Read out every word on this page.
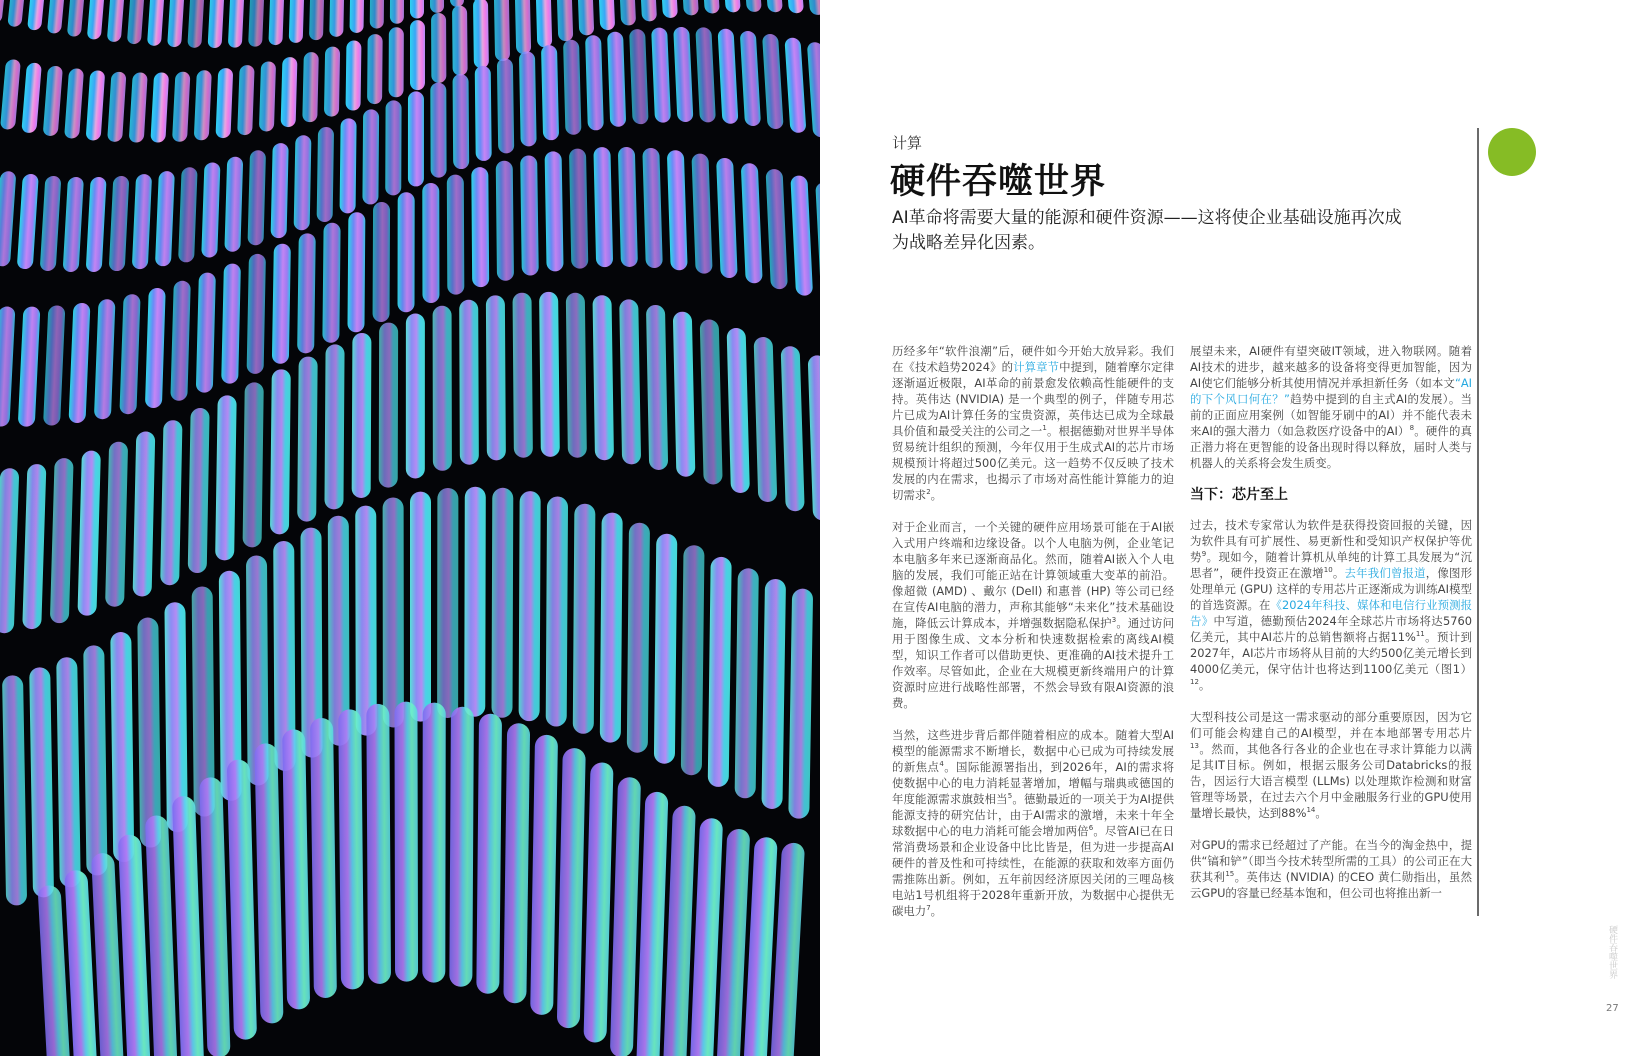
计算
硬件吞噬世界

AI革命将需要大量的能源和硬件资源——这将使企业基础设施再次成为战略差异化因素。

历经多年“软件浪潮”后，硬件如今开始大放异彩。我们在《技术趋势2024》的计算章节中提到，随着摩尔定律逐渐逼近极限，AI革命的前景愈发依赖高性能硬件的支持。英伟达 (NVIDIA) 是一个典型的例子，伴随专用芯片已成为AI计算任务的宝贵资源，英伟达已成为全球最具价值和最受关注的公司之一$^1$。根据德勤对世界半导体贸易统计组织的预测，今年仅用于生成式AI的芯片市场规模预计将超过500亿美元。这一趋势不仅反映了技术发展的内在需求，也揭示了市场对高性能计算能力的迫切需求$^2$。

对于企业而言，一个关键的硬件应用场景可能在于AI嵌入式用户终端和边缘设备。以个人电脑为例，企业笔记本电脑多年来已逐渐商品化。然而，随着AI嵌入个人电脑的发展，我们可能正站在计算领域重大变革的前沿。像超微 (AMD) 、戴尔 (Dell) 和惠普 (HP) 等公司已经在宣传AI电脑的潜力，声称其能够“未来化”技术基础设施，降低云计算成本，并增强数据隐私保护$^3$。通过访问用于图像生成、文本分析和快速数据检索的离线AI模型，知识工作者可以借助更快、更准确的AI技术提升工作效率。尽管如此，企业在大规模更新终端用户的计算资源时应进行战略性部署，不然会导致有限AI资源的浪费。

当然，这些进步背后都伴随着相应的成本。随着大型AI模型的能源需求不断增长，数据中心已成为可持续发展的新焦点$^4$。国际能源署指出，到2026年，AI的需求将使数据中心的电力消耗显著增加，增幅与瑞典或德国的年度能源需求旗鼓相当$^5$。德勤最近的一项关于为AI提供能源支持的研究估计，由于AI需求的激增，未来十年全球数据中心的电力消耗可能会增加两倍$^6$。尽管AI已在日常消费场景和企业设备中比比皆是，但为进一步提高AI硬件的普及性和可持续性，在能源的获取和效率方面仍需推陈出新。例如，五年前因经济原因关闭的三哩岛核电站1号机组将于2028年重新开放，为数据中心提供无碳电力$^7$。

展望未来，AI硬件有望突破IT领域，进入物联网。随着AI技术的进步，越来越多的设备将变得更加智能，因为AI使它们能够分析其使用情况并承担新任务（如本文“AI的下个风口何在？”趋势中提到的自主式AI的发展）。当前的正面应用案例（如智能牙刷中的AI）并不能代表未来AI的强大潜力（如急救医疗设备中的AI）$^8$。硬件的真正潜力将在更智能的设备出现时得以释放，届时人类与机器人的关系将会发生质变。

当下：芯片至上

过去，技术专家常认为软件是获得投资回报的关键，因为软件具有可扩展性、易更新性和受知识产权保护等优势$^9$。现如今，随着计算机从单纯的计算工具发展为“沉思者”，硬件投资正在激增$^{10}$。去年我们曾报道，像图形处理单元 (GPU) 这样的专用芯片正逐渐成为训练AI模型的首选资源。在《2024年科技、媒体和电信行业预测报告》中写道，德勤预估2024年全球芯片市场将达5760亿美元，其中AI芯片的总销售额将占据11%$^{11}$。预计到2027年，AI芯片市场将从目前的大约500亿美元增长到4000亿美元，保守估计也将达到1100亿美元（图1）$^{12}$。

大型科技公司是这一需求驱动的部分重要原因，因为它们可能会构建自己的AI模型，并在本地部署专用芯片$^{13}$。然而，其他各行各业的企业也在寻求计算能力以满足其IT目标。例如，根据云服务公司Databricks的报告，因运行大语言模型 (LLMs) 以处理欺诈检测和财富管理等场景，在过去六个月中金融服务行业的GPU使用量增长最快，达到88%$^{14}$。

对GPU的需求已经超过了产能。在当今的淘金热中，提供“镐和铲”（即当今技术转型所需的工具）的公司正在大获其利$^{15}$。英伟达 (NVIDIA) 的CEO 黄仁勋指出，虽然云GPU的容量已经基本饱和，但公司也将推出新一

硬件吞噬世界
27
